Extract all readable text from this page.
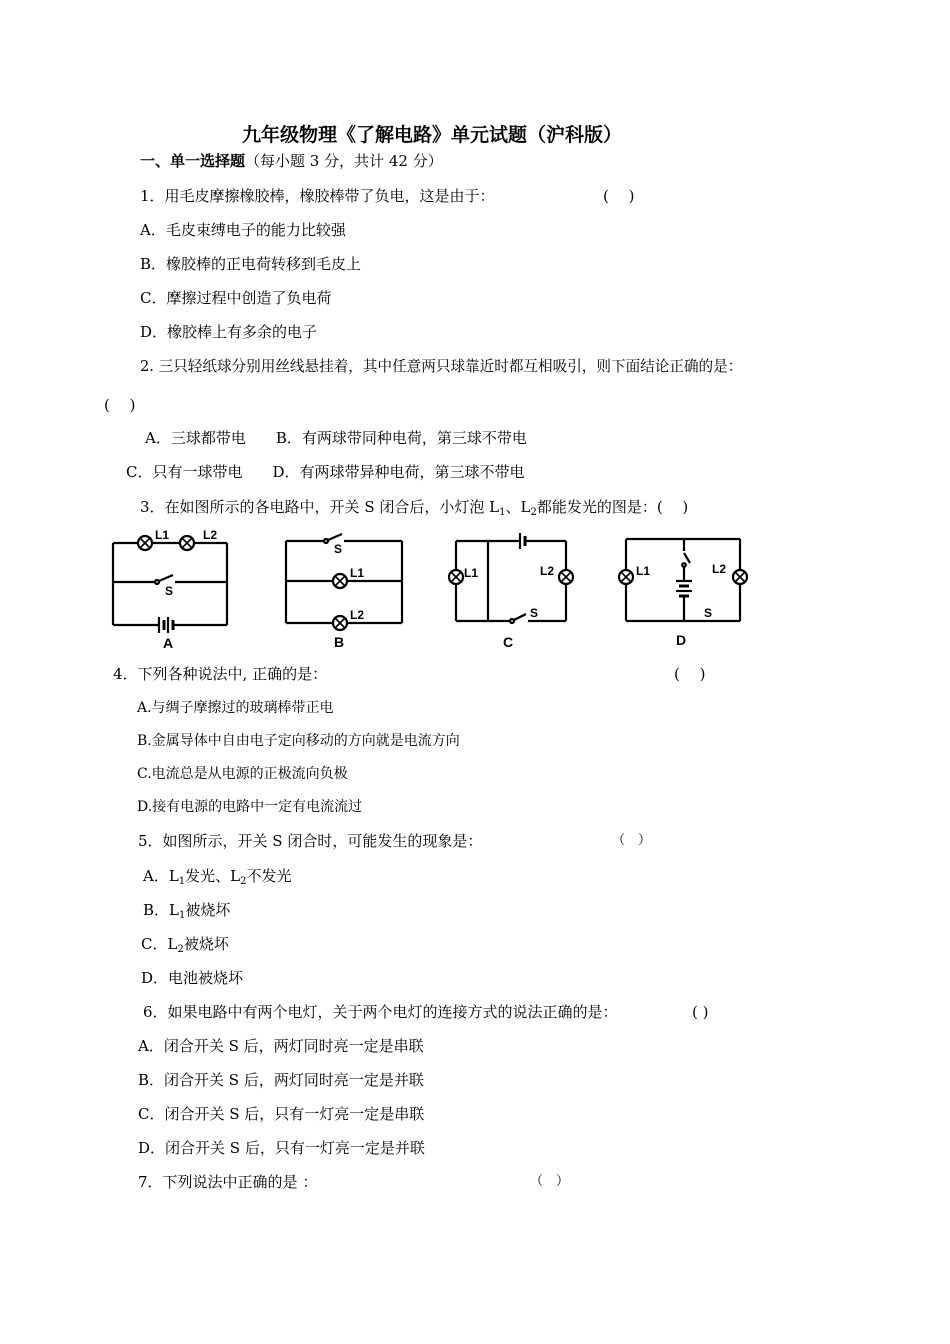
九年级物理《了解电路》单元试题（沪科版）
一、单一选择题（每小题 3 分，共计 42 分）
1．用毛皮摩擦橡胶棒，橡胶棒带了负电，这是由于：	(　 )
A．毛皮束缚电子的能力比较强
B．橡胶棒的正电荷转移到毛皮上
C．摩擦过程中创造了负电荷
D．橡胶棒上有多余的电子
2. 三只轻纸球分别用丝线悬挂着，其中任意两只球靠近时都互相吸引，则下面结论正确的是：
(　 )
A．三球都带电　　B．有两球带同种电荷，第三球不带电
C．只有一球带电　　D．有两球带异种电荷，第三球不带电
3．在如图所示的各电路中，开关 S 闭合后，小灯泡 $L_1$、$L_2$都能发光的图是：(　 )
L1	L2
S
A
S
L1
L2
B
L1	L2
S
C
L1	L2
S
D
4．下列各种说法中, 正确的是：	(　 )
A.与绸子摩擦过的玻璃棒带正电
B.金属导体中自由电子定向移动的方向就是电流方向
C.电流总是从电源的正极流向负极
D.接有电源的电路中一定有电流流过
5．如图所示，开关 S 闭合时，可能发生的现象是：	（　）
A．$L_1$发光、$L_2$不发光
B．$L_1$被烧坏
C．$L_2$被烧坏
D．电池被烧坏
6．如果电路中有两个电灯，关于两个电灯的连接方式的说法正确的是：	( )
A．闭合开关 S 后，两灯同时亮一定是串联
B．闭合开关 S 后，两灯同时亮一定是并联
C．闭合开关 S 后，只有一灯亮一定是串联
D．闭合开关 S 后，只有一灯亮一定是并联
7．下列说法中正确的是 ：	（　）
